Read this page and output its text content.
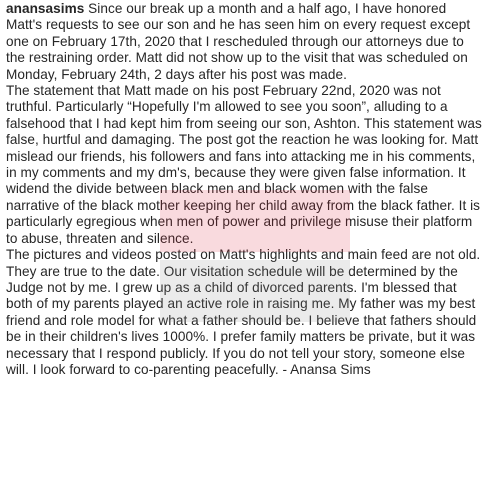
anansasims Since our break up a month and a half ago, I have honored Matt's requests to see our son and he has seen him on every request except one on February 17th, 2020 that I rescheduled through our attorneys due to the restraining order. Matt did not show up to the visit that was scheduled on Monday, February 24th, 2 days after his post was made.

The statement that Matt made on his post February 22nd, 2020 was not truthful. Particularly “Hopefully I'm allowed to see you soon”, alluding to a falsehood that I had kept him from seeing our son, Ashton. This statement was false, hurtful and damaging. The post got the reaction he was looking for. Matt mislead our friends, his followers and fans into attacking me in his comments, in my comments and my dm's, because they were given false information. It widend the divide between black men and black women with the false narrative of the black mother keeping her child away from the black father. It is particularly egregious when men of power and privilege misuse their platform to abuse, threaten and silence.

The pictures and videos posted on Matt's highlights and main feed are not old. They are true to the date. Our visitation schedule will be determined by the Judge not by me. I grew up as a child of divorced parents. I'm blessed that both of my parents played an active role in raising me. My father was my best friend and role model for what a father should be. I believe that fathers should be in their children's lives 1000%. I prefer family matters be private, but it was necessary that I respond publicly. If you do not tell your story, someone else will. I look forward to co-parenting peacefully. - Anansa Sims
